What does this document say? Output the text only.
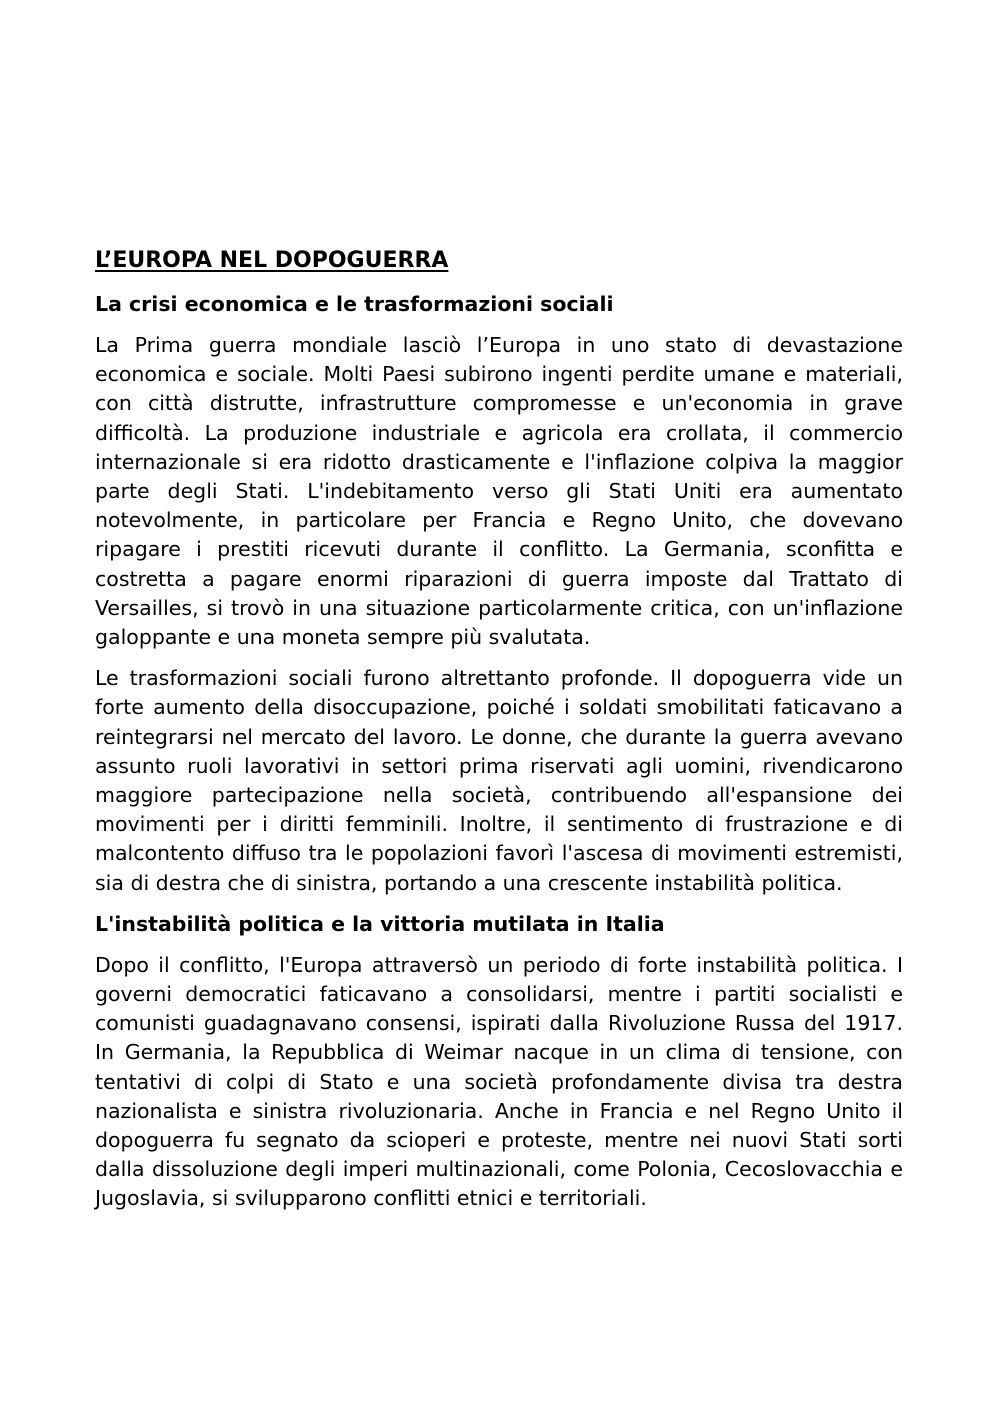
L’EUROPA NEL DOPOGUERRA
La crisi economica e le trasformazioni sociali

La Prima guerra mondiale lasciò l’Europa in uno stato di devastazione economica e sociale. Molti Paesi subirono ingenti perdite umane e materiali, con città distrutte, infrastrutture compromesse e un'economia in grave difficoltà. La produzione industriale e agricola era crollata, il commercio internazionale si era ridotto drasticamente e l'inflazione colpiva la maggior parte degli Stati. L'indebitamento verso gli Stati Uniti era aumentato notevolmente, in particolare per Francia e Regno Unito, che dovevano ripagare i prestiti ricevuti durante il conflitto. La Germania, sconfitta e costretta a pagare enormi riparazioni di guerra imposte dal Trattato di Versailles, si trovò in una situazione particolarmente critica, con un'inflazione galoppante e una moneta sempre più svalutata.

Le trasformazioni sociali furono altrettanto profonde. Il dopoguerra vide un forte aumento della disoccupazione, poiché i soldati smobilitati faticavano a reintegrarsi nel mercato del lavoro. Le donne, che durante la guerra avevano assunto ruoli lavorativi in settori prima riservati agli uomini, rivendicarono maggiore partecipazione nella società, contribuendo all'espansione dei movimenti per i diritti femminili. Inoltre, il sentimento di frustrazione e di malcontento diffuso tra le popolazioni favorì l'ascesa di movimenti estremisti, sia di destra che di sinistra, portando a una crescente instabilità politica.

L'instabilità politica e la vittoria mutilata in Italia

Dopo il conflitto, l'Europa attraversò un periodo di forte instabilità politica. I governi democratici faticavano a consolidarsi, mentre i partiti socialisti e comunisti guadagnavano consensi, ispirati dalla Rivoluzione Russa del 1917. In Germania, la Repubblica di Weimar nacque in un clima di tensione, con tentativi di colpi di Stato e una società profondamente divisa tra destra nazionalista e sinistra rivoluzionaria. Anche in Francia e nel Regno Unito il dopoguerra fu segnato da scioperi e proteste, mentre nei nuovi Stati sorti dalla dissoluzione degli imperi multinazionali, come Polonia, Cecoslovacchia e Jugoslavia, si svilupparono conflitti etnici e territoriali.
